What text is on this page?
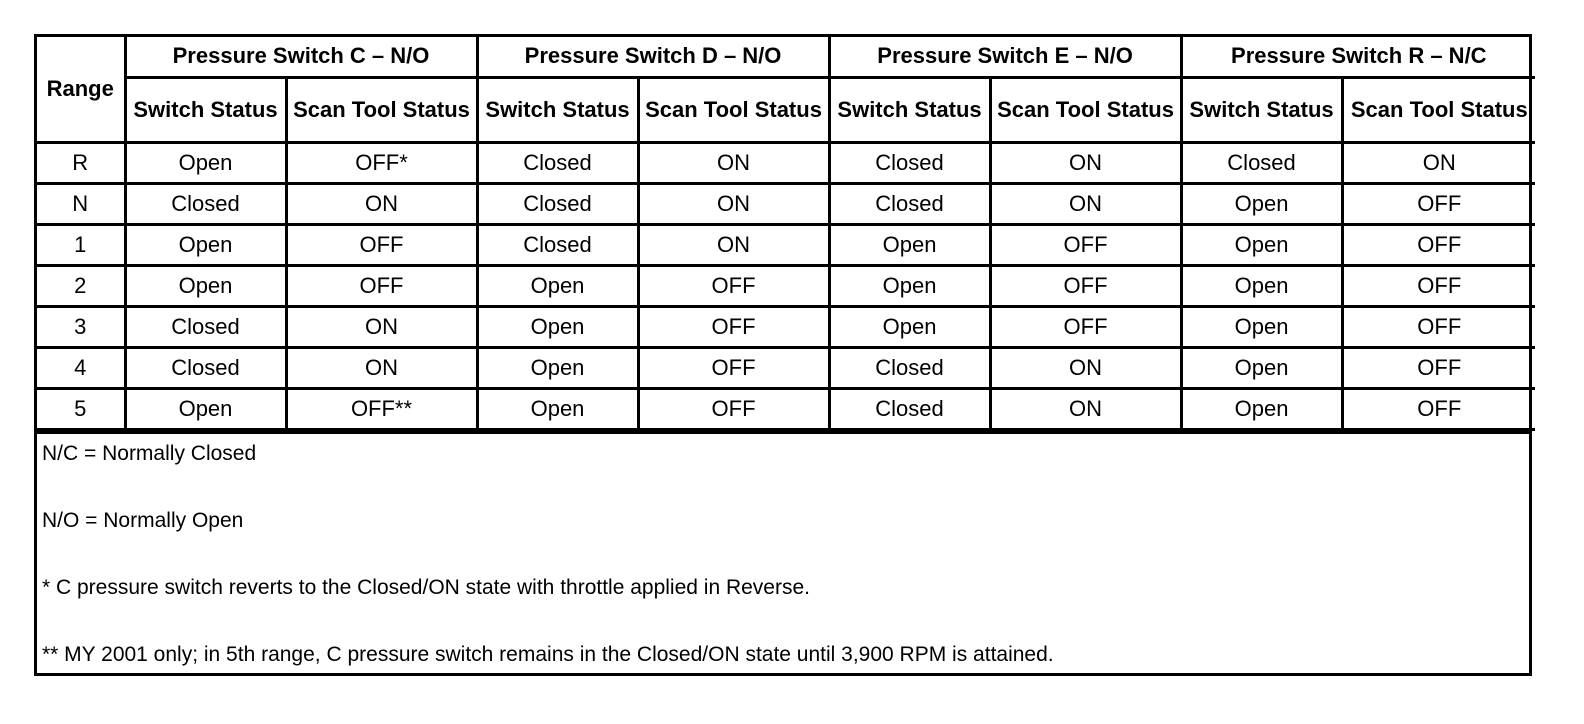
Range	Pressure Switch C – N/O		Pressure Switch D – N/O		Pressure Switch E – N/O		Pressure Switch R – N/C	
	Switch Status	Scan Tool Status	Switch Status	Scan Tool Status	Switch Status	Scan Tool Status	Switch Status	Scan Tool Status
R	Open	OFF*	Closed	ON	Closed	ON	Closed	ON
N	Closed	ON	Closed	ON	Closed	ON	Open	OFF
1	Open	OFF	Closed	ON	Open	OFF	Open	OFF
2	Open	OFF	Open	OFF	Open	OFF	Open	OFF
3	Closed	ON	Open	OFF	Open	OFF	Open	OFF
4	Closed	ON	Open	OFF	Closed	ON	Open	OFF
5	Open	OFF**	Open	OFF	Closed	ON	Open	OFF

N/C = Normally Closed

N/O = Normally Open

* C pressure switch reverts to the Closed/ON state with throttle applied in Reverse.

** MY 2001 only; in 5th range, C pressure switch remains in the Closed/ON state until 3,900 RPM is attained.
